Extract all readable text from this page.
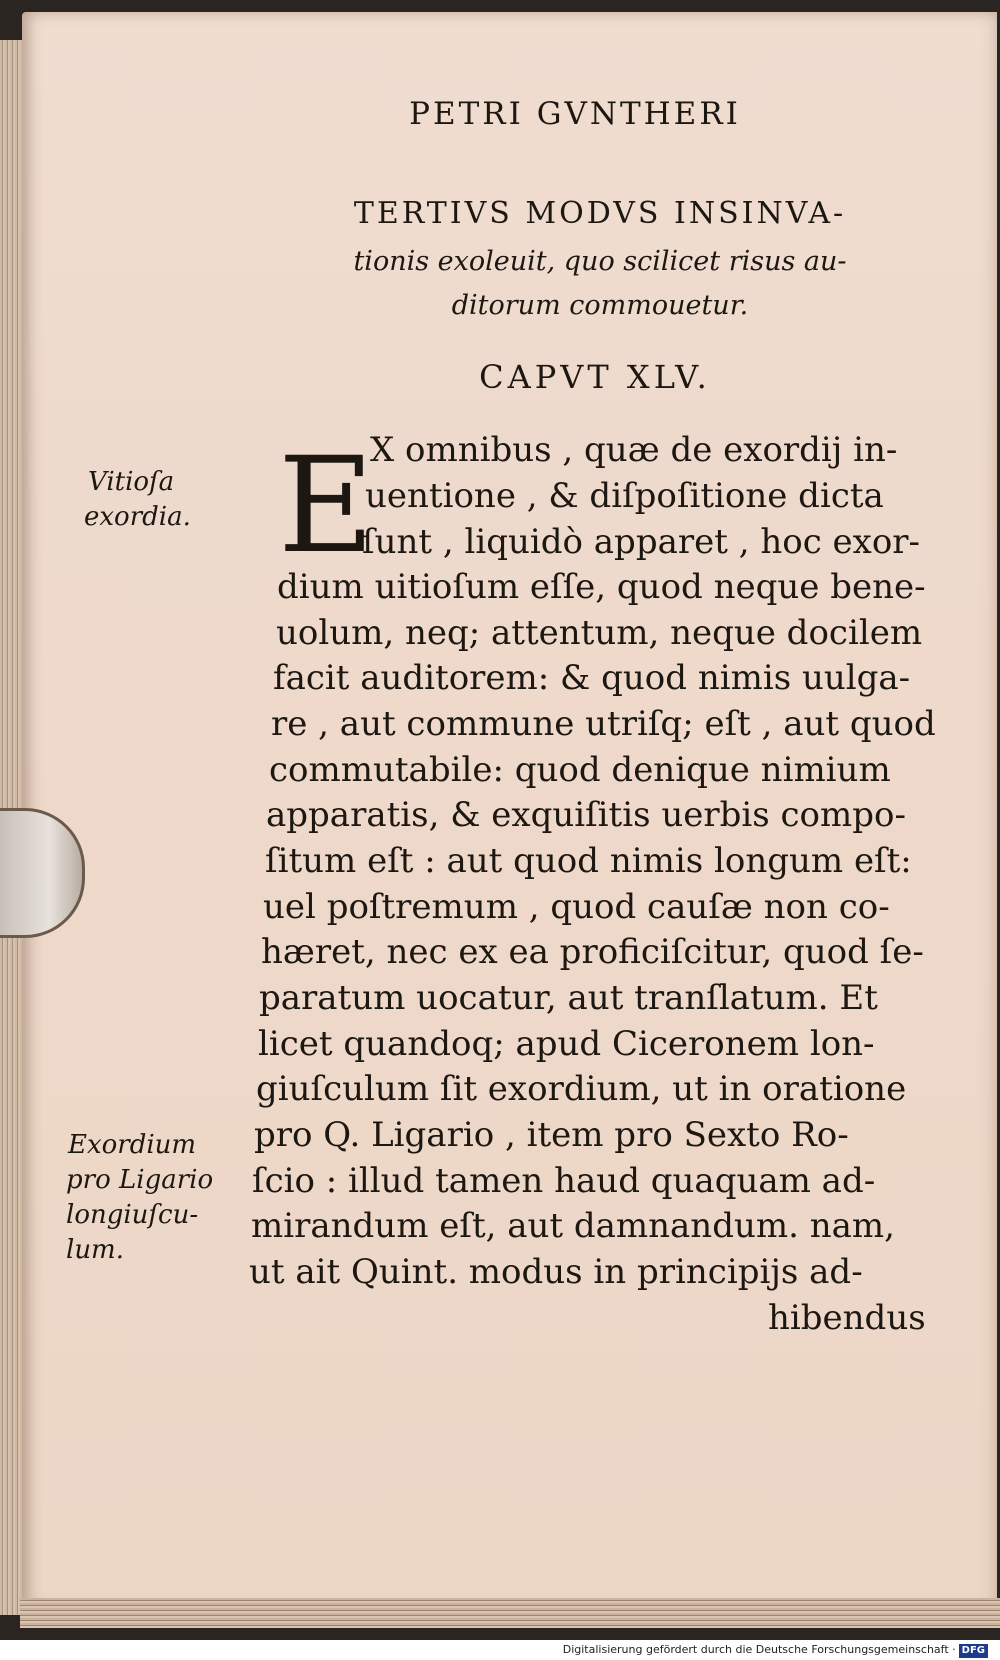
PETRI GVNTHERI
TERTIVS MODVS INSINVA-
tionis exoleuit, quo scilicet risus au-
ditorum commouetur.
CAPVT XLV.
E
X omnibus , quæ de exordij in-
uentione , & diſpoſitione dicta
ſunt , liquidò apparet , hoc exor-
dium uitioſum eſſe, quod neque bene-
uolum, neq; attentum, neque docilem
facit auditorem: & quod nimis uulga-
re , aut commune utriſq; eſt , aut quod
commutabile: quod denique nimium
apparatis, & exquiſitis uerbis compo-
ſitum eſt : aut quod nimis longum eſt:
uel poſtremum , quod cauſæ non co-
hæret, nec ex ea proficiſcitur, quod ſe-
paratum uocatur, aut tranſlatum. Et
licet quandoq; apud Ciceronem lon-
giuſculum ſit exordium, ut in oratione
pro Q. Ligario , item pro Sexto Ro-
ſcio : illud tamen haud quaquam ad-
mirandum eſt, aut damnandum. nam,
ut ait Quint. modus in principijs ad-
hibendus
Vitioſa
exordia.
Exordium
pro Ligario
longiuſcu-
lum.
Digitalisierung gefördert durch die Deutsche Forschungsgemeinschaft · DFG
